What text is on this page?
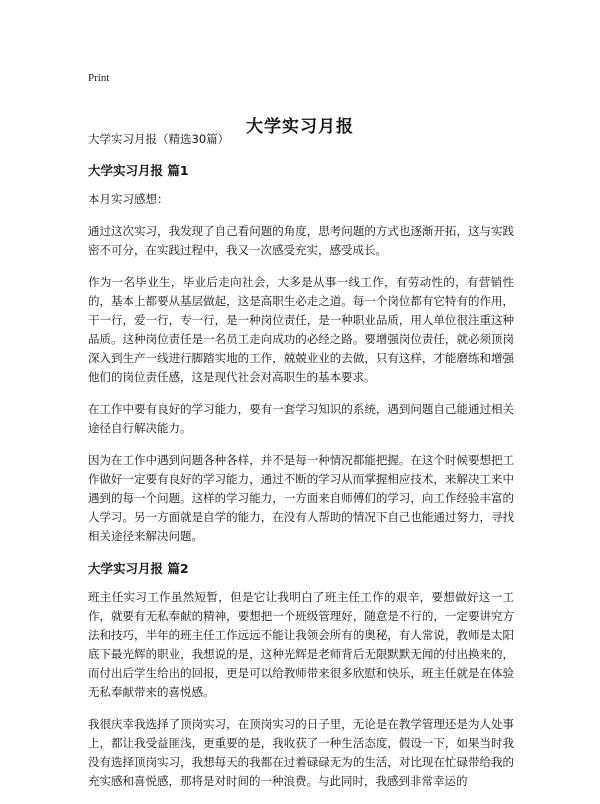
Print
大学实习月报
大学实习月报（精选30篇）
大学实习月报 篇1

本月实习感想：

通过这次实习，我发现了自己看问题的角度，思考问题的方式也逐渐开拓，这与实践密不可分，在实践过程中，我又一次感受充实，感受成长。

作为一名毕业生，毕业后走向社会，大多是从事一线工作，有劳动性的，有营销性的，基本上都要从基层做起，这是高职生必走之道。每一个岗位都有它特有的作用，干一行，爱一行，专一行，是一种岗位责任，是一种职业品质，用人单位很注重这种品质。这种岗位责任是一名员工走向成功的必经之路。要增强岗位责任，就必须顶岗深入到生产一线进行脚踏实地的工作，兢兢业业的去做，只有这样，才能磨练和增强他们的岗位责任感，这是现代社会对高职生的基本要求。

在工作中要有良好的学习能力，要有一套学习知识的系统，遇到问题自己能通过相关途径自行解决能力。

因为在工作中遇到问题各种各样，并不是每一种情况都能把握。在这个时候要想把工作做好一定要有良好的学习能力，通过不断的学习从而掌握相应技术，来解决工来中遇到的每一个问题。这样的学习能力，一方面来自师傅们的学习，向工作经验丰富的人学习。另一方面就是自学的能力，在没有人帮助的情况下自己也能通过努力，寻找相关途径来解决问题。

大学实习月报 篇2

班主任实习工作虽然短暂，但是它让我明白了班主任工作的艰辛，要想做好这一工作，就要有无私奉献的精神，要想把一个班级管理好，随意是不行的，一定要讲究方法和技巧，半年的班主任工作远远不能让我领会所有的奥秘，有人常说，教师是太阳底下最光辉的职业，我想说的是，这种光辉是老师背后无限默默无闻的付出换来的，而付出后学生给出的回报，更是可以给教师带来很多欣慰和快乐，班主任就是在体验无私奉献带来的喜悦感。

我很庆幸我选择了顶岗实习，在顶岗实习的日子里，无论是在教学管理还是为人处事上，都让我受益匪浅，更重要的是，我收获了一种生活态度，假设一下，如果当时我没有选择顶岗实习，我想每天的我都在过着碌碌无为的生活，对比现在忙碌带给我的充实感和喜悦感，那将是对时间的一种浪费。与此同时，我感到非常幸运的
